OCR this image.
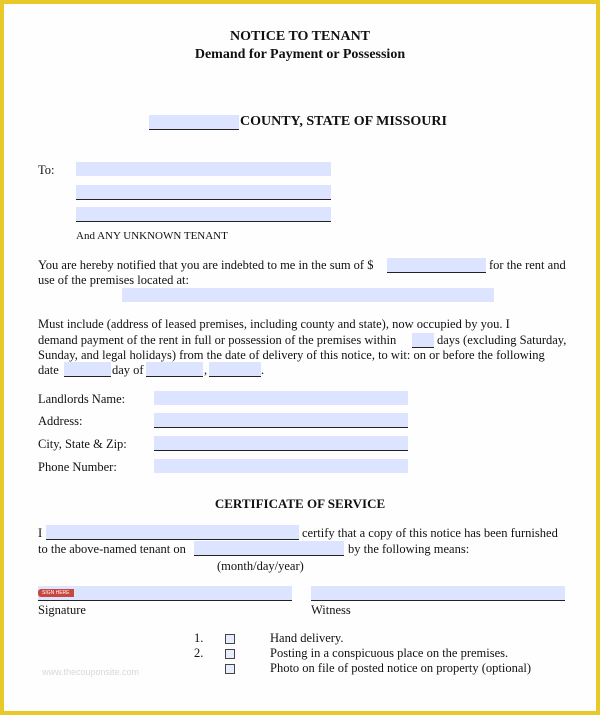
NOTICE TO TENANT
Demand for Payment or Possession
COUNTY, STATE OF MISSOURI
To:
And ANY UNKNOWN TENANT
You are hereby notified that you are indebted to me in the sum of $	for the rent and
use of the premises located at:
Must include (address of leased premises, including county and state), now occupied by you. I
demand payment of the rent in full or possession of the premises within	days (excluding Saturday,
Sunday, and legal holidays) from the date of delivery of this notice, to wit: on or before the following
date	day of	,	.
Landlords Name:
Address:
City, State & Zip:
Phone Number:
CERTIFICATE OF SERVICE
I	certify that a copy of this notice has been furnished
to the above-named tenant on	by the following means:
(month/day/year)
SIGN HERE
Signature	Witness
1.	Hand delivery.
2.	Posting in a conspicuous place on the premises.
Photo on file of posted notice on property (optional)
www.thecouponsite.com
